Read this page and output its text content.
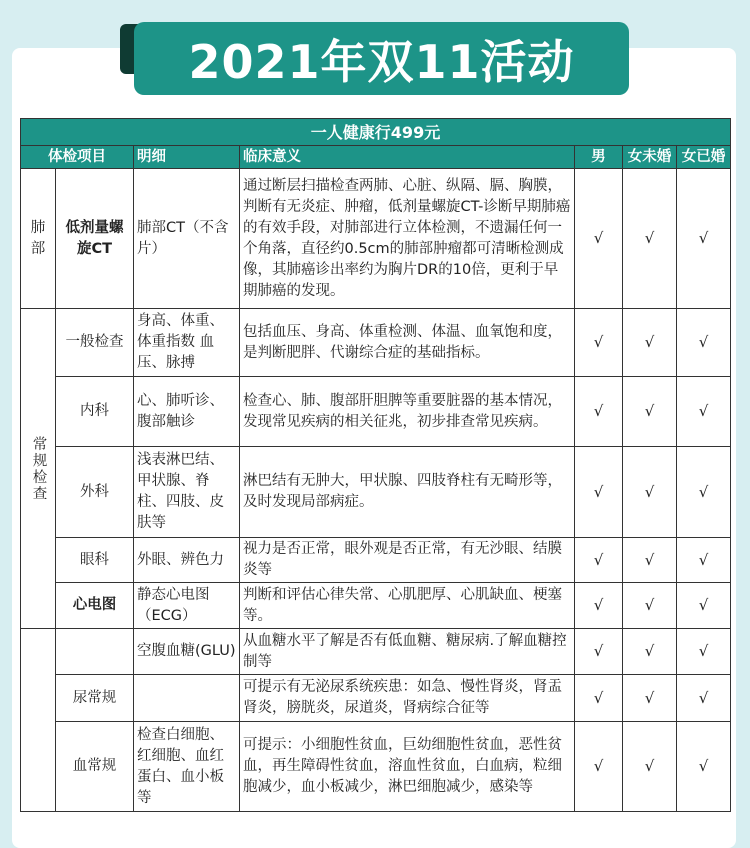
2021年双11活动
一人健康行499元						
体检项目		明细	临床意义	男	女未婚	女已婚
肺部	低剂量螺旋CT	肺部CT（不含片）	通过断层扫描检查两肺、心脏、纵隔、膈、胸膜，判断有无炎症、肿瘤，低剂量螺旋CT-诊断早期肺癌的有效手段，对肺部进行立体检测，不遗漏任何一个角落，直径约0.5cm的肺部肿瘤都可清晰检测成像，其肺癌诊出率约为胸片DR的10倍，更利于早期肺癌的发现。	√	√	√
常规检查	一般检查	身高、体重、体重指数 血压、脉搏	包括血压、身高、体重检测、体温、血氧饱和度，是判断肥胖、代谢综合症的基础指标。	√	√	√
	内科	心、肺听诊、腹部触诊	检查心、肺、腹部肝胆脾等重要脏器的基本情况，发现常见疾病的相关征兆，初步排查常见疾病。	√	√	√
	外科	浅表淋巴结、甲状腺、脊柱、四肢、皮肤等	淋巴结有无肿大，甲状腺、四肢脊柱有无畸形等，及时发现局部病症。	√	√	√
	眼科	外眼、辨色力	视力是否正常，眼外观是否正常，有无沙眼、结膜炎等	√	√	√
	心电图	静态心电图（ECG）	判断和评估心律失常、心肌肥厚、心肌缺血、梗塞等。	√	√	√
		空腹血糖(GLU)	从血糖水平了解是否有低血糖、糖尿病.了解血糖控制等	√	√	√
	尿常规		可提示有无泌尿系统疾患：如急、慢性肾炎，肾盂肾炎，膀胱炎，尿道炎，肾病综合征等	√	√	√
	血常规	检查白细胞、红细胞、血红蛋白、血小板等	可提示：小细胞性贫血，巨幼细胞性贫血，恶性贫血，再生障碍性贫血，溶血性贫血，白血病，粒细胞减少，血小板减少，淋巴细胞减少，感染等	√	√	√
